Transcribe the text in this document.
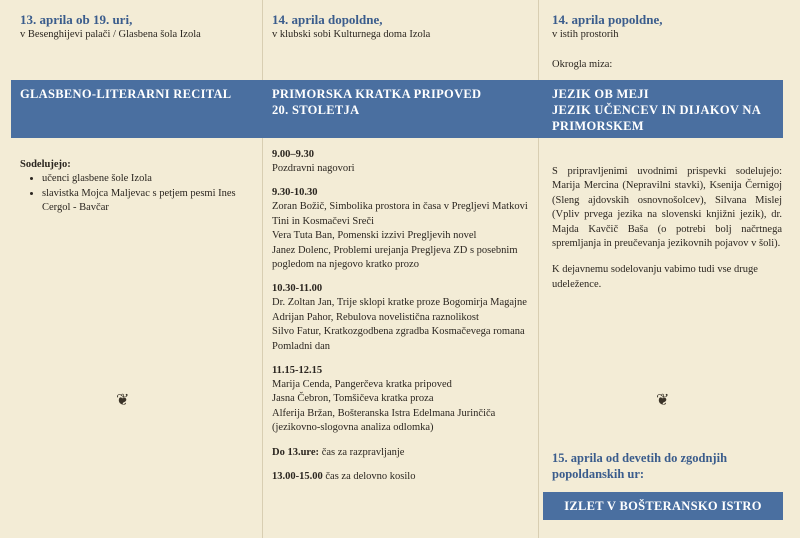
13. aprila ob 19. uri,

v Besenghijevi palači / Glasbena šola Izola

14. aprila dopoldne,

v klubski sobi Kulturnega doma Izola

14. aprila popoldne,

v istih prostorih

Okrogla miza:

GLASBENO-LITERARNI RECITAL	PRIMORSKA KRATKA PRIPOVED
20. STOLETJA
JEZIK OB MEJI
JEZIK UČENCEV IN DIJAKOV NA
PRIMORSKEM
Sodelujejo:
• učenci glasbene šole Izola
• slavistka Mojca Maljevac s petjem pesmi Ines Cergol - Bavčar
❦
9.00–9.30
Pozdravni nagovori
9.30-10.30
Zoran Božič, Simbolika prostora in časa v Pregljevi Matkovi Tini in Kosmačevi Sreči
Vera Tuta Ban, Pomenski izzivi Pregljevih novel
Janez Dolenc, Problemi urejanja Pregljeva ZD s posebnim pogledom na njegovo kratko prozo
10.30-11.00
Dr. Zoltan Jan, Trije sklopi kratke proze Bogomirja Magajne
Adrijan Pahor, Rebulova novelistična raznolikost
Silvo Fatur, Kratkozgodbena zgradba Kosmačevega romana Pomladni dan
11.15-12.15
Marija Cenda, Pangerčeva kratka pripoved
Jasna Čebron, Tomšičeva kratka proza
Alferija Bržan, Bošteranska Istra Edelmana Jurinčiča (jezikovno-slogovna analiza odlomka)
Do 13.ure: čas za razpravljanje
13.00-15.00 čas za delovno kosilo
S pripravljenimi uvodnimi prispevki sodelujejo: Marija Mercina (Nepravilni stavki), Ksenija Černigoj (Sleng ajdovskih osnovnošolcev), Silvana Mislej (Vpliv prvega jezika na slovenski knjižni jezik), dr. Majda Kavčič Baša (o potrebi bolj načrtnega spremljanja in preučevanja jezikovnih pojavov v šoli).
K dejavnemu sodelovanju vabimo tudi vse druge udeležence.
❦
15. aprila od devetih do zgodnjih popoldanskih ur:
IZLET V BOŠTERANSKO ISTRO
